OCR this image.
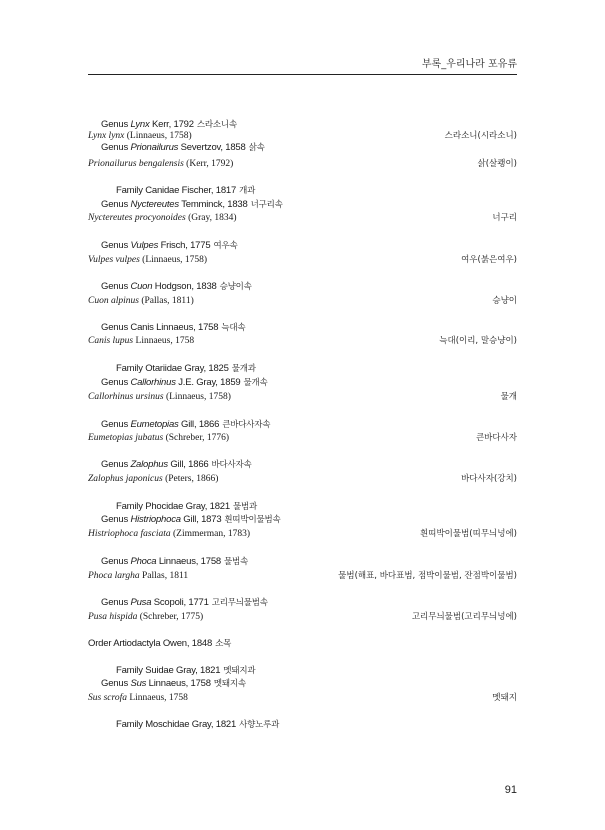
부록_우리나라 포유류
Genus Lynx Kerr, 1792 스라소니속
Lynx lynx (Linnaeus, 1758)	스라소니(시라소니)
Genus Prionailurus Severtzov, 1858 삵속
Prionailurus bengalensis (Kerr, 1792)	삵(살쾡이)
Family Canidae Fischer, 1817 개과
Genus Nyctereutes Temminck, 1838 너구리속
Nyctereutes procyonoides (Gray, 1834)	너구리
Genus Vulpes Frisch, 1775 여우속
Vulpes vulpes (Linnaeus, 1758)	여우(붉은여우)
Genus Cuon Hodgson, 1838 승냥이속
Cuon alpinus (Pallas, 1811)	승냥이
Genus Canis Linnaeus, 1758 늑대속
Canis lupus Linnaeus, 1758	늑대(이리, 말승냥이)
Family Otariidae Gray, 1825 물개과
Genus Callorhinus J.E. Gray, 1859 물개속
Callorhinus ursinus (Linnaeus, 1758)	물개
Genus Eumetopias Gill, 1866 큰바다사자속
Eumetopias jubatus (Schreber, 1776)	큰바다사자
Genus Zalophus Gill, 1866 바다사자속
Zalophus japonicus (Peters, 1866)	바다사자(강치)
Family Phocidae Gray, 1821 물범과
Genus Histriophoca Gill, 1873 흰띠박이물범속
Histriophoca fasciata (Zimmerman, 1783)	흰띠박이물범(띠무늬넝에)
Genus Phoca Linnaeus, 1758 물범속
Phoca largha Pallas, 1811	물범(해표, 바다표범, 점박이물범, 잔점박이물범)
Genus Pusa Scopoli, 1771 고리무늬물범속
Pusa hispida (Schreber, 1775)	고리무늬물범(고리무늬넝에)
Order Artiodactyla Owen, 1848 소목
Family Suidae Gray, 1821 멧돼지과
Genus Sus Linnaeus, 1758 멧돼지속
Sus scrofa Linnaeus, 1758	멧돼지
Family Moschidae Gray, 1821 사향노루과
91
